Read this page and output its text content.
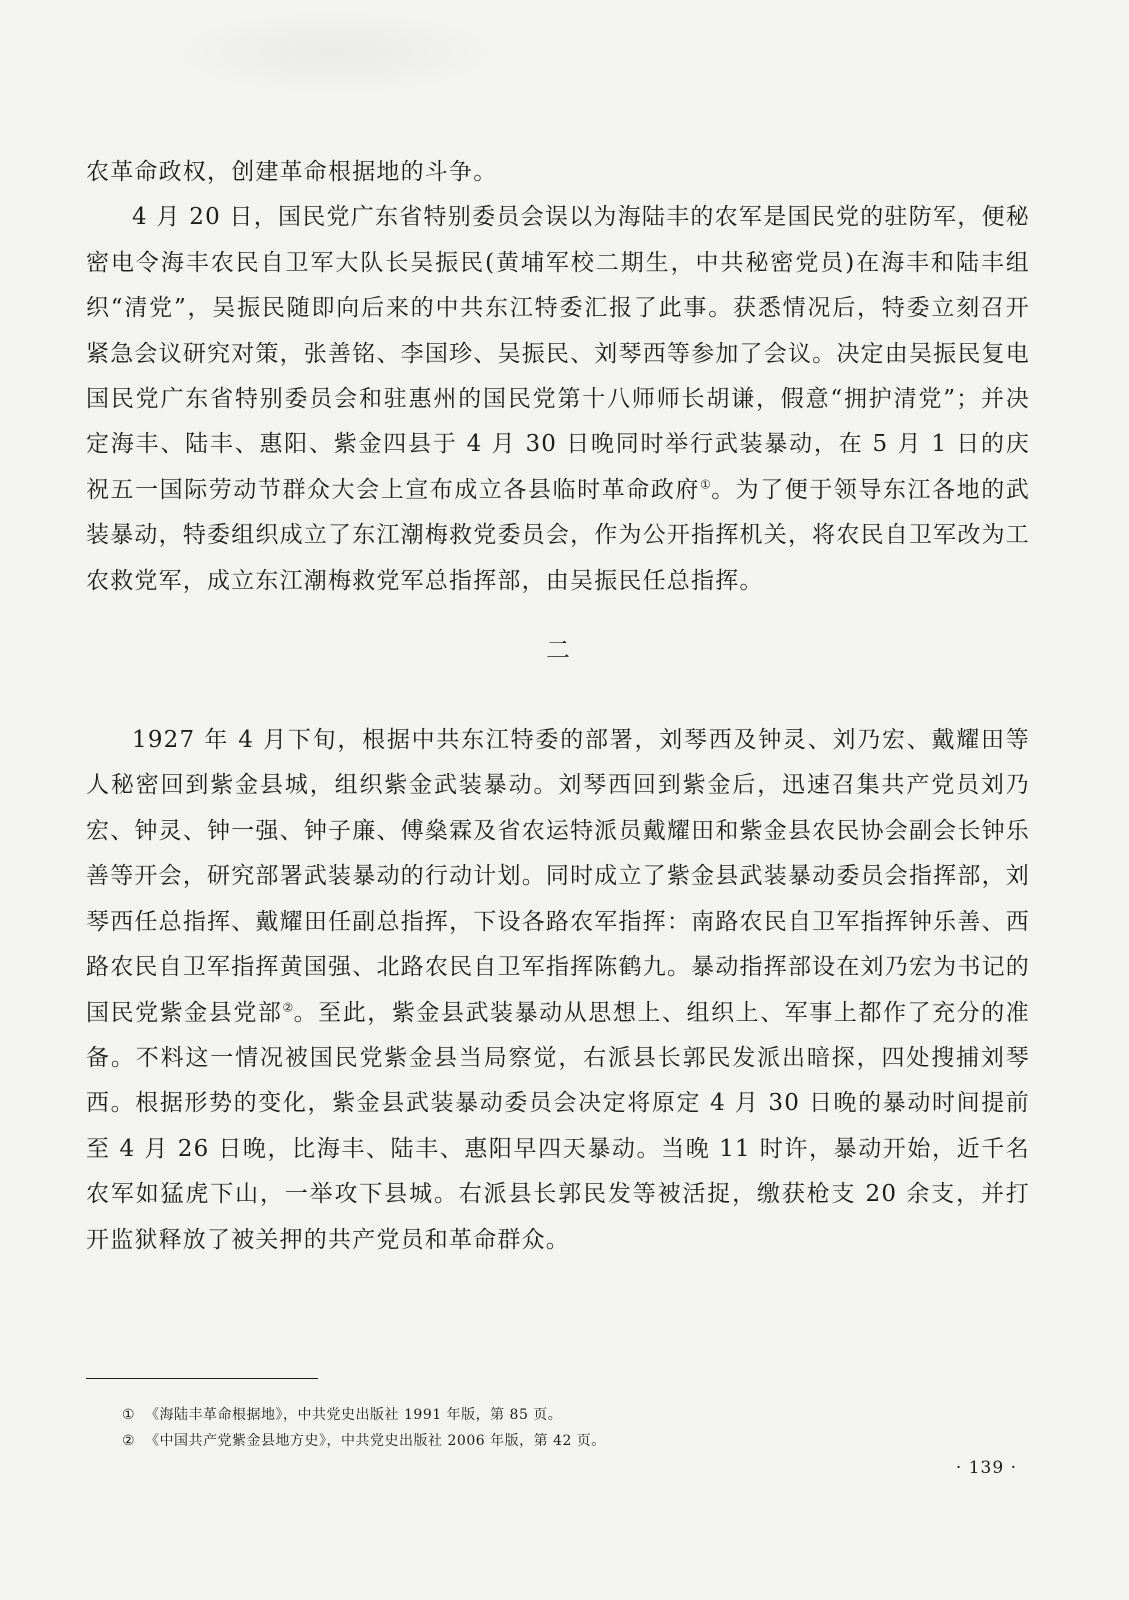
农革命政权，创建革命根据地的斗争。

4 月 20 日，国民党广东省特别委员会误以为海陆丰的农军是国民党的驻防军，便秘密电令海丰农民自卫军大队长吴振民(黄埔军校二期生，中共秘密党员)在海丰和陆丰组织“清党”，吴振民随即向后来的中共东江特委汇报了此事。获悉情况后，特委立刻召开紧急会议研究对策，张善铭、李国珍、吴振民、刘琴西等参加了会议。决定由吴振民复电国民党广东省特别委员会和驻惠州的国民党第十八师师长胡谦，假意“拥护清党”；并决定海丰、陆丰、惠阳、紫金四县于 4 月 30 日晚同时举行武装暴动，在 5 月 1 日的庆祝五一国际劳动节群众大会上宣布成立各县临时革命政府①。为了便于领导东江各地的武装暴动，特委组织成立了东江潮梅救党委员会，作为公开指挥机关，将农民自卫军改为工农救党军，成立东江潮梅救党军总指挥部，由吴振民任总指挥。

二

1927 年 4 月下旬，根据中共东江特委的部署，刘琴西及钟灵、刘乃宏、戴耀田等人秘密回到紫金县城，组织紫金武装暴动。刘琴西回到紫金后，迅速召集共产党员刘乃宏、钟灵、钟一强、钟子廉、傅燊霖及省农运特派员戴耀田和紫金县农民协会副会长钟乐善等开会，研究部署武装暴动的行动计划。同时成立了紫金县武装暴动委员会指挥部，刘琴西任总指挥、戴耀田任副总指挥，下设各路农军指挥：南路农民自卫军指挥钟乐善、西路农民自卫军指挥黄国强、北路农民自卫军指挥陈鹤九。暴动指挥部设在刘乃宏为书记的国民党紫金县党部②。至此，紫金县武装暴动从思想上、组织上、军事上都作了充分的准备。不料这一情况被国民党紫金县当局察觉，右派县长郭民发派出暗探，四处搜捕刘琴西。根据形势的变化，紫金县武装暴动委员会决定将原定 4 月 30 日晚的暴动时间提前至 4 月 26 日晚，比海丰、陆丰、惠阳早四天暴动。当晚 11 时许，暴动开始，近千名农军如猛虎下山，一举攻下县城。右派县长郭民发等被活捉，缴获枪支 20 余支，并打开监狱释放了被关押的共产党员和革命群众。

① 《海陆丰革命根据地》，中共党史出版社 1991 年版，第 85 页。

② 《中国共产党紫金县地方史》，中共党史出版社 2006 年版，第 42 页。

· 139 ·
